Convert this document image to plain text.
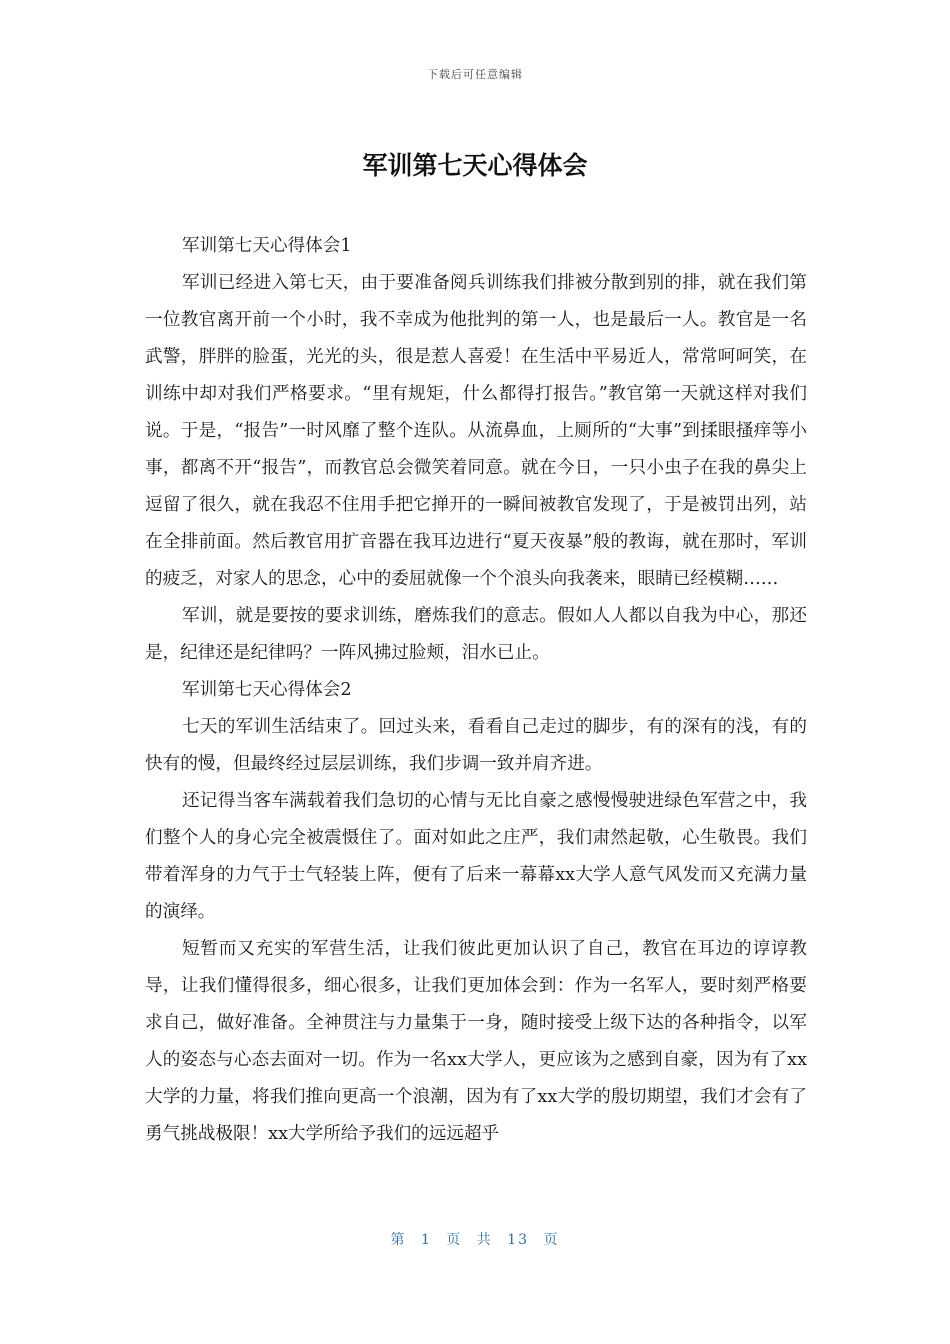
下载后可任意编辑
军训第七天心得体会

军训第七天心得体会1

军训已经进入第七天，由于要准备阅兵训练我们排被分散到别的排，就在我们第一位教官离开前一个小时，我不幸成为他批判的第一人，也是最后一人。教官是一名武警，胖胖的脸蛋，光光的头，很是惹人喜爱！在生活中平易近人，常常呵呵笑，在训练中却对我们严格要求。“里有规矩，什么都得打报告。”教官第一天就这样对我们说。于是，“报告”一时风靡了整个连队。从流鼻血，上厕所的“大事”到揉眼搔痒等小事，都离不开“报告”，而教官总会微笑着同意。就在今日，一只小虫子在我的鼻尖上逗留了很久，就在我忍不住用手把它掸开的一瞬间被教官发现了，于是被罚出列，站在全排前面。然后教官用扩音器在我耳边进行“夏天夜暴”般的教诲，就在那时，军训的疲乏，对家人的思念，心中的委屈就像一个个浪头向我袭来，眼睛已经模糊……

军训，就是要按的要求训练，磨炼我们的意志。假如人人都以自我为中心，那还是，纪律还是纪律吗？一阵风拂过脸颊，泪水已止。

军训第七天心得体会2

七天的军训生活结束了。回过头来，看看自己走过的脚步，有的深有的浅，有的快有的慢，但最终经过层层训练，我们步调一致并肩齐进。

还记得当客车满载着我们急切的心情与无比自豪之感慢慢驶进绿色军营之中，我们整个人的身心完全被震慑住了。面对如此之庄严，我们肃然起敬，心生敬畏。我们带着浑身的力气于士气轻装上阵，便有了后来一幕幕xx大学人意气风发而又充满力量的演绎。

短暂而又充实的军营生活，让我们彼此更加认识了自己，教官在耳边的谆谆教导，让我们懂得很多，细心很多，让我们更加体会到：作为一名军人，要时刻严格要求自己，做好准备。全神贯注与力量集于一身，随时接受上级下达的各种指令，以军人的姿态与心态去面对一切。作为一名xx大学人，更应该为之感到自豪，因为有了xx大学的力量，将我们推向更高一个浪潮，因为有了xx大学的殷切期望，我们才会有了勇气挑战极限！xx大学所给予我们的远远超乎

第 1 页 共 13 页
